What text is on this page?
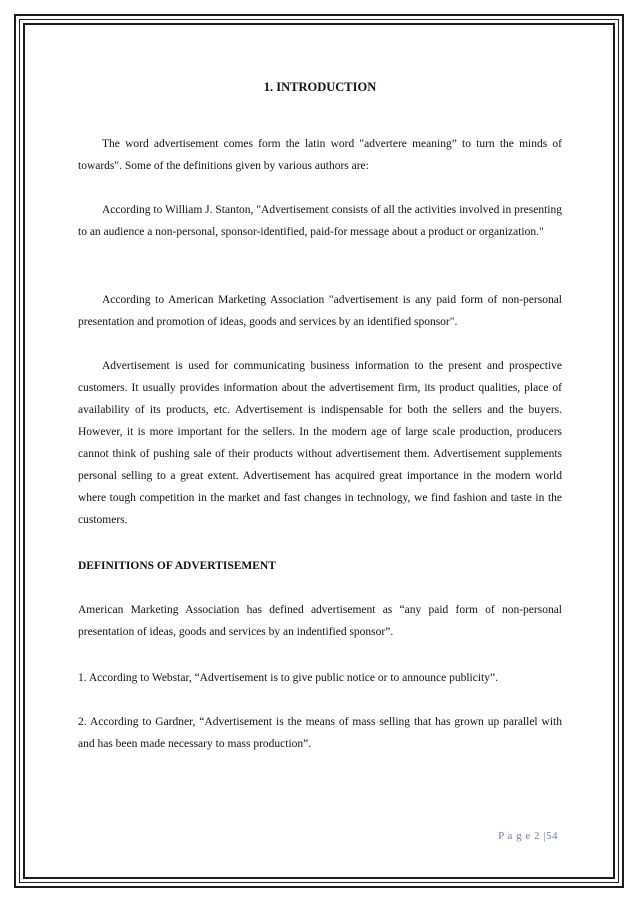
1. INTRODUCTION

The word advertisement comes form the latin word "advertere meaning” to turn the minds of towards". Some of the definitions given by various authors are:

According to William J. Stanton, "Advertisement consists of all the activities involved in presenting to an audience a non-personal, sponsor-identified, paid-for message about a product or organization."

According to American Marketing Association "advertisement is any paid form of non-personal presentation and promotion of ideas, goods and services by an identified sponsor".

Advertisement is used for communicating business information to the present and prospective customers. It usually provides information about the advertisement firm, its product qualities, place of availability of its products, etc. Advertisement is indispensable for both the sellers and the buyers. However, it is more important for the sellers. In the modern age of large scale production, producers cannot think of pushing sale of their products without advertisement them. Advertisement supplements personal selling to a great extent. Advertisement has acquired great importance in the modern world where tough competition in the market and fast changes in technology, we find fashion and taste in the customers.

DEFINITIONS OF ADVERTISEMENT

American Marketing Association has defined advertisement as “any paid form of non-personal presentation of ideas, goods and services by an indentified sponsor”.

1. According to Webstar, “Advertisement is to give public notice or to announce publicity”.

2. According to Gardner, “Advertisement is the means of mass selling that has grown up parallel with and has been made necessary to mass production”.

P a g e 2 |54
